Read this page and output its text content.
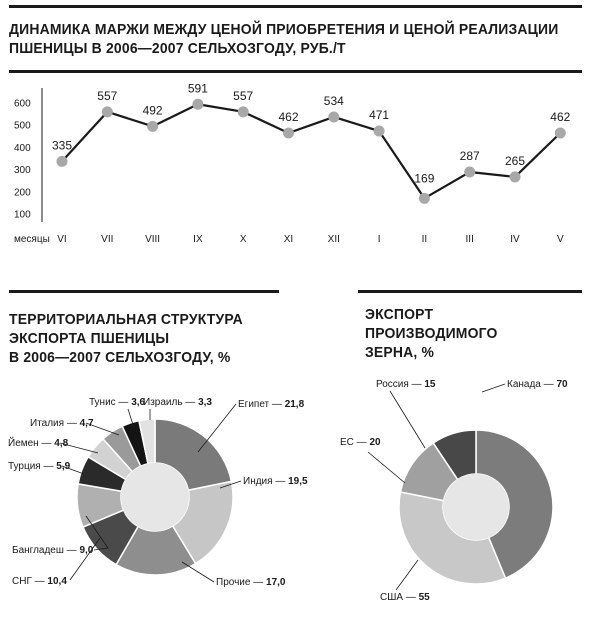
ДИНАМИКА МАРЖИ МЕЖДУ ЦЕНОЙ ПРИОБРЕТЕНИЯ И ЦЕНОЙ РЕАЛИЗАЦИИ
ПШЕНИЦЫ В 2006—2007 СЕЛЬХОЗГОДУ, РУБ./Т
ТЕРРИТОРИАЛЬНАЯ СТРУКТУРА
ЭКСПОРТА ПШЕНИЦЫ
В 2006—2007 СЕЛЬХОЗГОДУ, %
ЭКСПОРТ
ПРОИЗВОДИМОГО
ЗЕРНА, %
100
200
300
400
500
600
месяцы
335
VI
557
VII
492
VIII
591
IX
557
X
462
XI
534
XII
471
I
169
II
287
III
265
IV
462
V
Египет — 21,8
Индия — 19,5
Прочие — 17,0
СНГ — 10,4
Бангладеш — 9,0
Турция — 5,9
Йемен — 4,8
Италия — 4,7
Тунис — 3,6
Израиль — 3,3
Канада — 70
США — 55
ЕС — 20
Россия — 15
